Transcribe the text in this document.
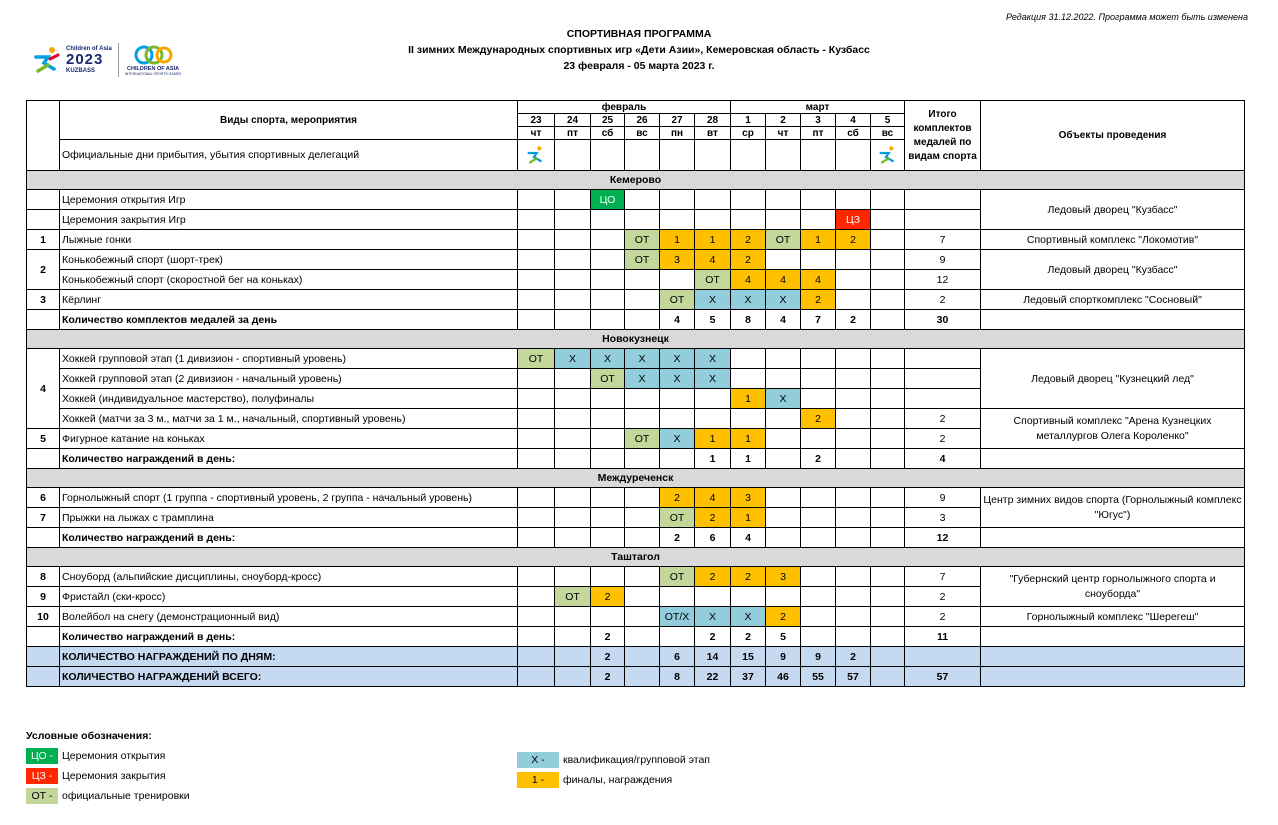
Редакция 31.12.2022. Программа может быть изменена
Children of Asia
2023
KUZBASS	CHILDREN OF ASIA
INTERNATIONAL SPORTS GAMES
СПОРТИВНАЯ ПРОГРАММА
II зимних Международных спортивных игр «Дети Азии», Кемеровская область - Кузбасс
23 февраля - 05 марта 2023 г.
	Виды спорта, мероприятия	февраль						март					Итого комплектов медалей по видам спорта	Объекты проведения
		23	24	25	26	27	28	1	2	3	4	5		
		чт	пт	сб	вс	пн	вт	ср	чт	пт	сб	вс		
	Официальные дни прибытия, убытия спортивных делегаций											
Кемерово														
	Церемония открытия Игр			ЦО										Ледовый дворец "Кузбасс"
	Церемония закрытия Игр										ЦЗ			
1	Лыжные гонки				ОТ	1	1	2	ОТ	1	2		7	Спортивный комплекс "Локомотив"
2	Конькобежный спорт (шорт-трек)				ОТ	3	4	2					9	Ледовый дворец "Кузбасс"
	Конькобежный спорт (скоростной бег на коньках)						ОТ	4	4	4			12	
3	Кёрлинг					ОТ	Х	Х	Х	2			2	Ледовый спорткомплекс "Сосновый"
	Количество комплектов медалей за день					4	5	8	4	7	2		30	
Новокузнецк														
4	Хоккей групповой этап (1 дивизион - спортивный уровень)	ОТ	Х	Х	Х	Х	Х							Ледовый дворец "Кузнецкий лед"
	Хоккей групповой этап (2 дивизион - начальный уровень)			ОТ	Х	Х	Х							
	Хоккей (индивидуальное мастерство), полуфиналы							1	Х					
	Хоккей (матчи за 3 м., матчи за 1 м., начальный, спортивный уровень)									2			2	Спортивный комплекс "Арена Кузнецких металлургов Олега Короленко"
5	Фигурное катание на коньках				ОТ	Х	1	1					2	
	Количество награждений в день:						1	1		2			4	
Междуреченск														
6	Горнолыжный спорт (1 группа - спортивный уровень, 2 группа - начальный уровень)					2	4	3					9	Центр зимних видов спорта (Горнолыжный комплекс "Югус")
7	Прыжки на лыжах с трамплина					ОТ	2	1					3	
	Количество награждений в день:					2	6	4					12	
Таштагол														
8	Сноуборд (альпийские дисциплины, сноуборд-кросс)					ОТ	2	2	3				7	"Губернский центр горнолыжного спорта и сноуборда"
9	Фристайл (ски-кросс)		ОТ	2									2	
10	Волейбол на снегу (демонстрационный вид)					ОТ/Х	Х	Х	2				2	Горнолыжный комплекс "Шерегеш"
	Количество награждений в день:			2			2	2	5				11	
	КОЛИЧЕСТВО НАГРАЖДЕНИЙ ПО ДНЯМ:			2		6	14	15	9	9	2			
	КОЛИЧЕСТВО НАГРАЖДЕНИЙ ВСЕГО:			2		8	22	37	46	55	57		57	
Условные обозначения:
ЦО - Церемония открытия
ЦЗ - Церемония закрытия
ОТ - официальные тренировки
Х -	квалификация/групповой этап
1 -	финалы, награждения
